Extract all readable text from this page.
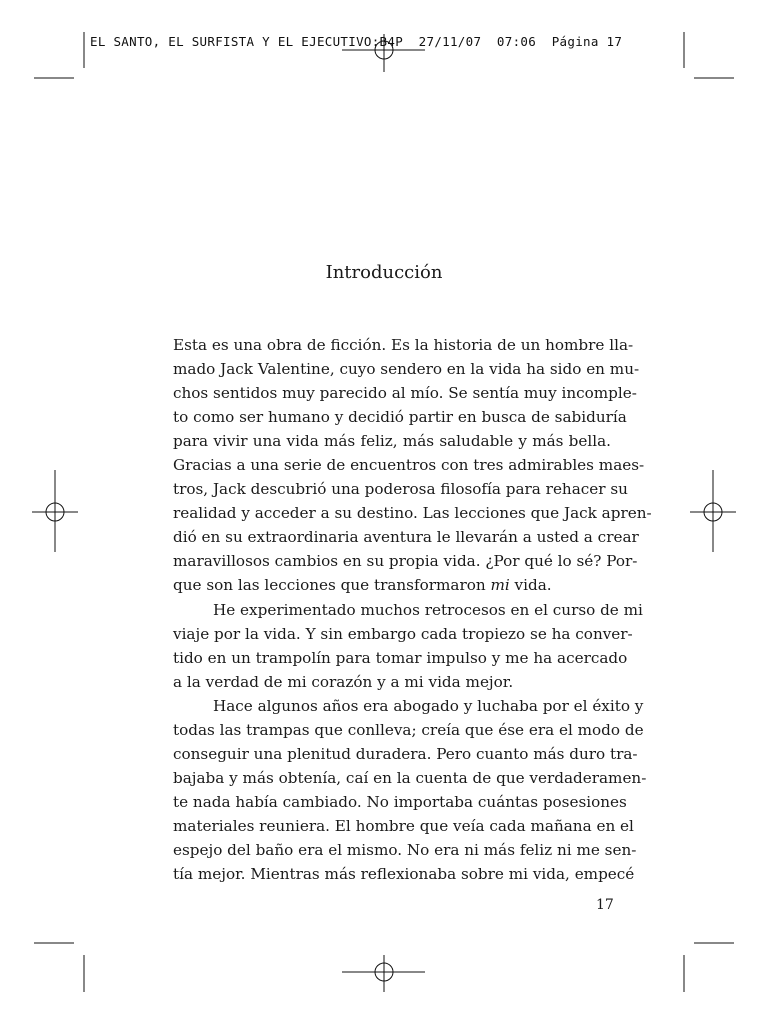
EL SANTO, EL SURFISTA Y EL EJECUTIVO:B4P  27/11/07  07:06  Página 17
Introducción
Esta es una obra de ficción. Es la historia de un hombre lla-
mado Jack Valentine, cuyo sendero en la vida ha sido en mu-
chos sentidos muy parecido al mío. Se sentía muy incomple-
to como ser humano y decidió partir en busca de sabiduría
para vivir una vida más feliz, más saludable y más bella.
Gracias a una serie de encuentros con tres admirables maes-
tros, Jack descubrió una poderosa filosofía para rehacer su
realidad y acceder a su destino. Las lecciones que Jack apren-
dió en su extraordinaria aventura le llevarán a usted a crear
maravillosos cambios en su propia vida. ¿Por qué lo sé? Por-
que son las lecciones que transformaron mi vida.
He experimentado muchos retrocesos en el curso de mi
viaje por la vida. Y sin embargo cada tropiezo se ha conver-
tido en un trampolín para tomar impulso y me ha acercado
a la verdad de mi corazón y a mi vida mejor.
Hace algunos años era abogado y luchaba por el éxito y
todas las trampas que conlleva; creía que ése era el modo de
conseguir una plenitud duradera. Pero cuanto más duro tra-
bajaba y más obtenía, caí en la cuenta de que verdaderamen-
te nada había cambiado. No importaba cuántas posesiones
materiales reuniera. El hombre que veía cada mañana en el
espejo del baño era el mismo. No era ni más feliz ni me sen-
tía mejor. Mientras más reflexionaba sobre mi vida, empecé
17
